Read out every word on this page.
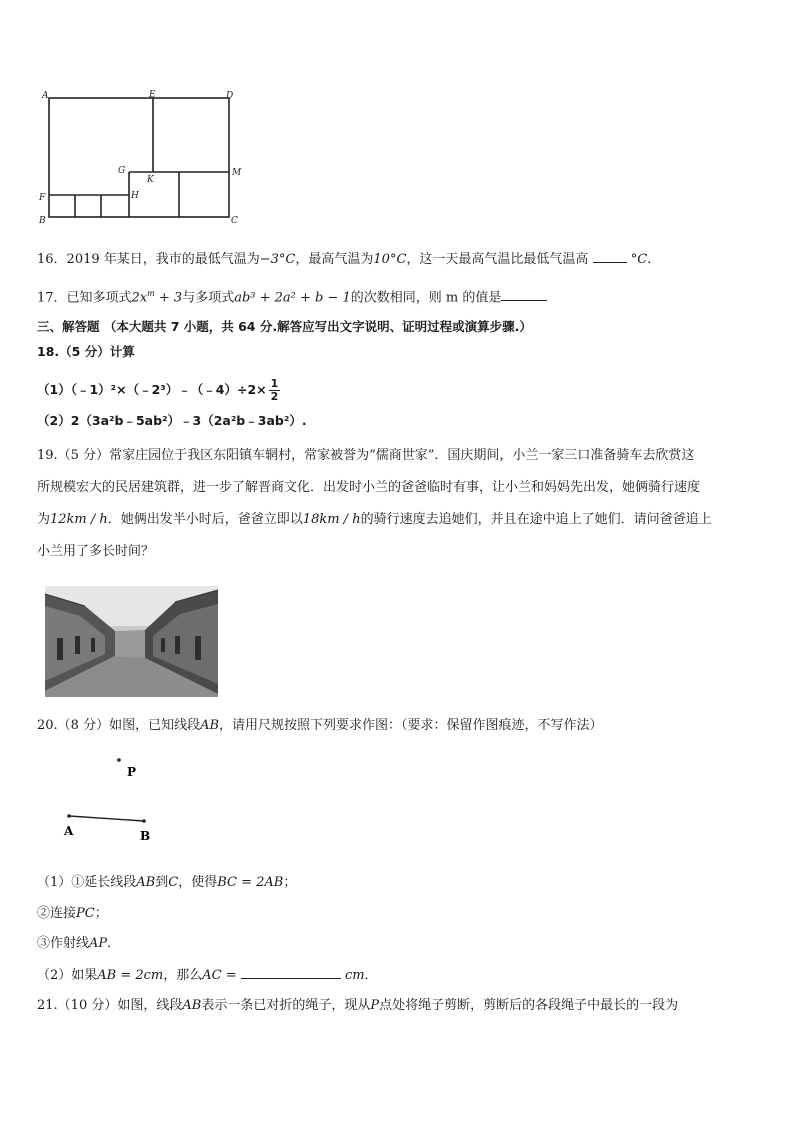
A	E	D
G
K
M
F	H
B	C
16．2019 年某日，我市的最低气温为−3°C，最高气温为10°C，这一天最高气温比最低气温高	°C．
17．已知多项式$2x^m + 3$与多项式ab³ + 2a² + b − 1的次数相同，则 m 的值是
三、解答题 （本大题共 7 小题，共 64 分.解答应写出文字说明、证明过程或演算步骤.）
18.（5 分）计算
（1）（﹣1）²×（﹣2³）﹣（﹣4）÷2× $\frac{1}{2}$
（2）2（3a²b﹣5ab²）﹣3（2a²b﹣3ab²）.
19.（5 分）常家庄园位于我区东阳镇车辋村，常家被誉为“儒商世家”．国庆期间，小兰一家三口准备骑车去欣赏这
所规模宏大的民居建筑群，进一步了解晋商文化．出发时小兰的爸爸临时有事，让小兰和妈妈先出发，她俩骑行速度
为12km / h．她俩出发半小时后，爸爸立即以18km / h的骑行速度去追她们，并且在途中追上了她们．请问爸爸追上
小兰用了多长时间？
20.（8 分）如图，已知线段AB，请用尺规按照下列要求作图：（要求：保留作图痕迹，不写作法）
P
A	B
（1）①延长线段AB到C，使得BC = 2AB；
②连接PC；
③作射线AP．
（2）如果AB = 2cm，那么AC =	cm．
21.（10 分）如图，线段AB表示一条已对折的绳子，现从P点处将绳子剪断，剪断后的各段绳子中最长的一段为
